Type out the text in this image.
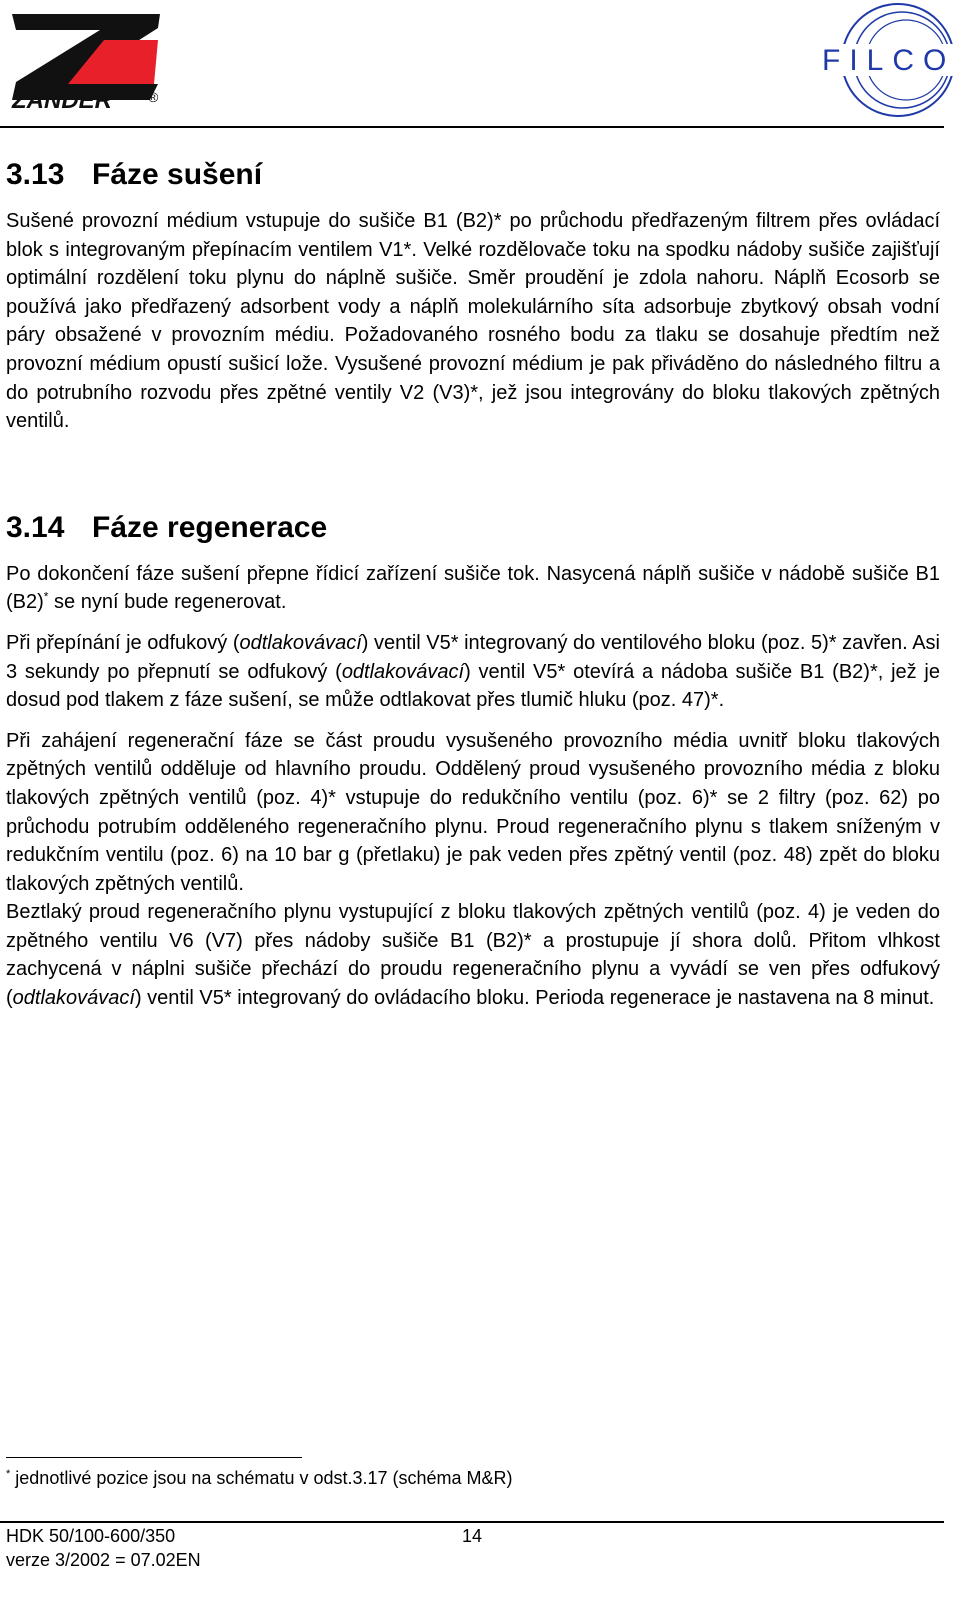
ZANDER	®
FILCO
3.13 Fáze sušení

Sušené provozní médium vstupuje do sušiče B1 (B2)* po průchodu předřazeným filtrem přes ovládací blok s integrovaným přepínacím ventilem V1*. Velké rozdělovače toku na spodku nádoby sušiče zajišťují optimální rozdělení toku plynu do náplně sušiče. Směr proudění je zdola nahoru. Náplň Ecosorb se používá jako předřazený adsorbent vody a náplň molekulárního síta adsorbuje zbytkový obsah vodní páry obsažené v provozním médiu. Požadovaného rosného bodu za tlaku se dosahuje předtím než provozní médium opustí sušicí lože. Vysušené provozní médium je pak přiváděno do následného filtru a do potrubního rozvodu přes zpětné ventily V2 (V3)*, jež jsou integrovány do bloku tlakových zpětných ventilů.

3.14 Fáze regenerace

Po dokončení fáze sušení přepne řídicí zařízení sušiče tok. Nasycená náplň sušiče v nádobě sušiče B1 (B2)* se nyní bude regenerovat.

Při přepínání je odfukový (odtlakovávací) ventil V5* integrovaný do ventilového bloku (poz. 5)* zavřen. Asi 3 sekundy po přepnutí se odfukový (odtlakovávací) ventil V5* otevírá a nádoba sušiče B1 (B2)*, jež je dosud pod tlakem z fáze sušení, se může odtlakovat přes tlumič hluku (poz. 47)*.

Při zahájení regenerační fáze se část proudu vysušeného provozního média uvnitř bloku tlakových zpětných ventilů odděluje od hlavního proudu. Oddělený proud vysušeného provozního média z bloku tlakových zpětných ventilů (poz. 4)* vstupuje do redukčního ventilu (poz. 6)* se 2 filtry (poz. 62) po průchodu potrubím odděleného regeneračního plynu. Proud regeneračního plynu s tlakem sníženým v redukčním ventilu (poz. 6) na 10 bar g (přetlaku) je pak veden přes zpětný ventil (poz. 48) zpět do bloku tlakových zpětných ventilů.

Beztlaký proud regeneračního plynu vystupující z bloku tlakových zpětných ventilů (poz. 4) je veden do zpětného ventilu V6 (V7) přes nádoby sušiče B1 (B2)* a prostupuje jí shora dolů. Přitom vlhkost zachycená v náplni sušiče přechází do proudu regeneračního plynu a vyvádí se ven přes odfukový (odtlakovávací) ventil V5* integrovaný do ovládacího bloku. Perioda regenerace je nastavena na 8 minut.

* jednotlivé pozice jsou na schématu v odst.3.17 (schéma M&R)
HDK 50/100-600/350
verze 3/2002 = 07.02EN
14
